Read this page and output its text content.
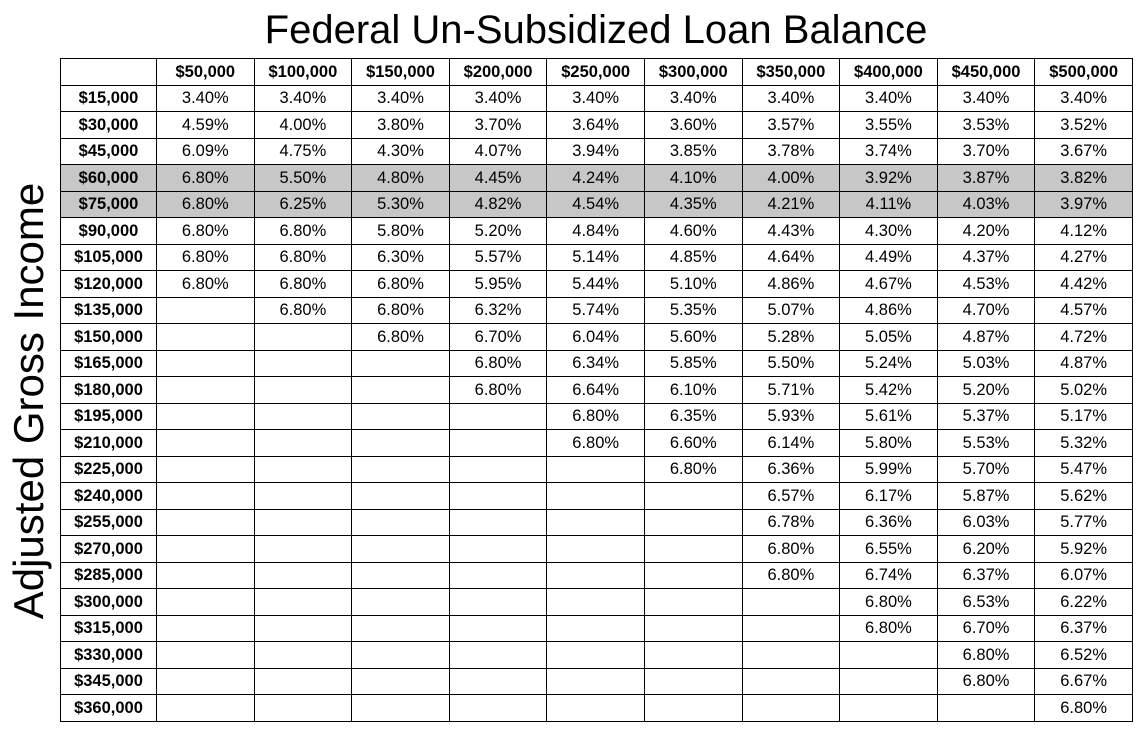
Federal Un-Subsidized Loan Balance
Adjusted Gross Income
	$50,000	$100,000	$150,000	$200,000	$250,000	$300,000	$350,000	$400,000	$450,000	$500,000
$15,000	3.40%	3.40%	3.40%	3.40%	3.40%	3.40%	3.40%	3.40%	3.40%	3.40%
$30,000	4.59%	4.00%	3.80%	3.70%	3.64%	3.60%	3.57%	3.55%	3.53%	3.52%
$45,000	6.09%	4.75%	4.30%	4.07%	3.94%	3.85%	3.78%	3.74%	3.70%	3.67%
$60,000	6.80%	5.50%	4.80%	4.45%	4.24%	4.10%	4.00%	3.92%	3.87%	3.82%
$75,000	6.80%	6.25%	5.30%	4.82%	4.54%	4.35%	4.21%	4.11%	4.03%	3.97%
$90,000	6.80%	6.80%	5.80%	5.20%	4.84%	4.60%	4.43%	4.30%	4.20%	4.12%
$105,000	6.80%	6.80%	6.30%	5.57%	5.14%	4.85%	4.64%	4.49%	4.37%	4.27%
$120,000	6.80%	6.80%	6.80%	5.95%	5.44%	5.10%	4.86%	4.67%	4.53%	4.42%
$135,000		6.80%	6.80%	6.32%	5.74%	5.35%	5.07%	4.86%	4.70%	4.57%
$150,000			6.80%	6.70%	6.04%	5.60%	5.28%	5.05%	4.87%	4.72%
$165,000				6.80%	6.34%	5.85%	5.50%	5.24%	5.03%	4.87%
$180,000				6.80%	6.64%	6.10%	5.71%	5.42%	5.20%	5.02%
$195,000					6.80%	6.35%	5.93%	5.61%	5.37%	5.17%
$210,000					6.80%	6.60%	6.14%	5.80%	5.53%	5.32%
$225,000						6.80%	6.36%	5.99%	5.70%	5.47%
$240,000							6.57%	6.17%	5.87%	5.62%
$255,000							6.78%	6.36%	6.03%	5.77%
$270,000							6.80%	6.55%	6.20%	5.92%
$285,000							6.80%	6.74%	6.37%	6.07%
$300,000								6.80%	6.53%	6.22%
$315,000								6.80%	6.70%	6.37%
$330,000									6.80%	6.52%
$345,000									6.80%	6.67%
$360,000										6.80%
